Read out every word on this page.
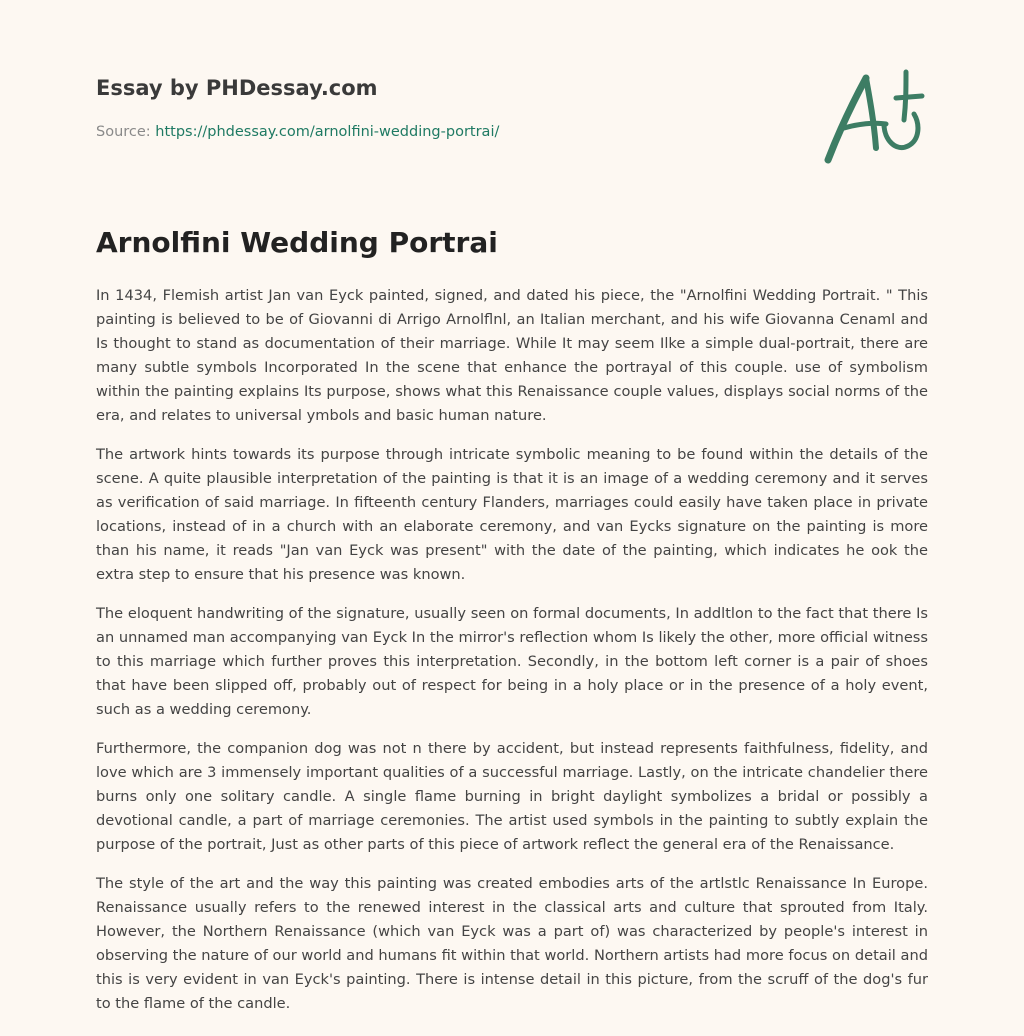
Essay by PHDessay.com
Source: https://phdessay.com/arnolfini-wedding-portrai/
Arnolfini Wedding Portrai

In 1434, Flemish artist Jan van Eyck painted, signed, and dated his piece, the "Arnolfini Wedding Portrait. " This painting is believed to be of Giovanni di Arrigo Arnolflnl, an Italian merchant, and his wife Giovanna Cenaml and Is thought to stand as documentation of their marriage. While It may seem Ilke a simple dual-portrait, there are many subtle symbols Incorporated In the scene that enhance the portrayal of this couple. use of symbolism within the painting explains Its purpose, shows what this Renaissance couple values, displays social norms of the era, and relates to universal ymbols and basic human nature.

The artwork hints towards its purpose through intricate symbolic meaning to be found within the details of the scene. A quite plausible interpretation of the painting is that it is an image of a wedding ceremony and it serves as verification of said marriage. In fifteenth century Flanders, marriages could easily have taken place in private locations, instead of in a church with an elaborate ceremony, and van Eycks signature on the painting is more than his name, it reads "Jan van Eyck was present" with the date of the painting, which indicates he ook the extra step to ensure that his presence was known.

The eloquent handwriting of the signature, usually seen on formal documents, In addltlon to the fact that there Is an unnamed man accompanying van Eyck In the mirror's reflection whom Is likely the other, more official witness to this marriage which further proves this interpretation. Secondly, in the bottom left corner is a pair of shoes that have been slipped off, probably out of respect for being in a holy place or in the presence of a holy event, such as a wedding ceremony.

Furthermore, the companion dog was not n there by accident, but instead represents faithfulness, fidelity, and love which are 3 immensely important qualities of a successful marriage. Lastly, on the intricate chandelier there burns only one solitary candle. A single flame burning in bright daylight symbolizes a bridal or possibly a devotional candle, a part of marriage ceremonies. The artist used symbols in the painting to subtly explain the purpose of the portrait, Just as other parts of this piece of artwork reflect the general era of the Renaissance.

The style of the art and the way this painting was created embodies arts of the artlstlc Renaissance In Europe. Renaissance usually refers to the renewed interest in the classical arts and culture that sprouted from Italy. However, the Northern Renaissance (which van Eyck was a part of) was characterized by people's interest in observing the nature of our world and humans fit within that world. Northern artists had more focus on detail and this is very evident in van Eyck's painting. There is intense detail in this picture, from the scruff of the dog's fur to the flame of the candle.
